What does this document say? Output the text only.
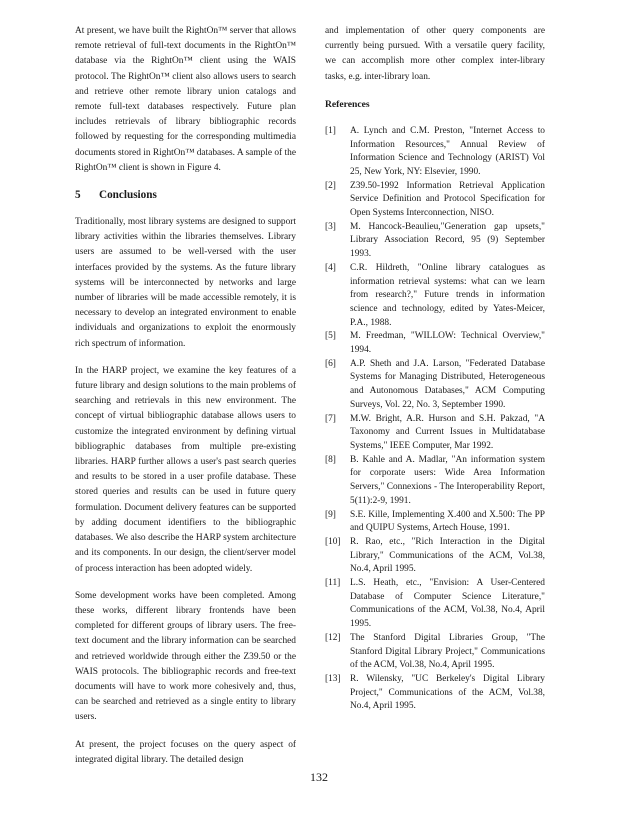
At present, we have built the RightOn™ server that allows remote retrieval of full-text documents in the RightOn™ database via the RightOn™ client using the WAIS protocol. The RightOn™ client also allows users to search and retrieve other remote library union catalogs and remote full-text databases respectively. Future plan includes retrievals of library bibliographic records followed by requesting for the corresponding multimedia documents stored in RightOn™ databases. A sample of the RightOn™ client is shown in Figure 4.

5 Conclusions

Traditionally, most library systems are designed to support library activities within the libraries themselves. Library users are assumed to be well-versed with the user interfaces provided by the systems. As the future library systems will be interconnected by networks and large number of libraries will be made accessible remotely, it is necessary to develop an integrated environment to enable individuals and organizations to exploit the enormously rich spectrum of information.

In the HARP project, we examine the key features of a future library and design solutions to the main problems of searching and retrievals in this new environment. The concept of virtual bibliographic database allows users to customize the integrated environment by defining virtual bibliographic databases from multiple pre-existing libraries. HARP further allows a user's past search queries and results to be stored in a user profile database. These stored queries and results can be used in future query formulation. Document delivery features can be supported by adding document identifiers to the bibliographic databases. We also describe the HARP system architecture and its components. In our design, the client/server model of process interaction has been adopted widely.

Some development works have been completed. Among these works, different library frontends have been completed for different groups of library users. The free-text document and the library information can be searched and retrieved worldwide through either the Z39.50 or the WAIS protocols. The bibliographic records and free-text documents will have to work more cohesively and, thus, can be searched and retrieved as a single entity to library users.

At present, the project focuses on the query aspect of integrated digital library. The detailed design

and implementation of other query components are currently being pursued. With a versatile query facility, we can accomplish more other complex inter-library tasks, e.g. inter-library loan.

References
[1] A. Lynch and C.M. Preston, "Internet Access to Information Resources," Annual Review of Information Science and Technology (ARIST) Vol 25, New York, NY: Elsevier, 1990.
[2] Z39.50-1992 Information Retrieval Application Service Definition and Protocol Specification for Open Systems Interconnection, NISO.
[3] M. Hancock-Beaulieu,"Generation gap upsets," Library Association Record, 95 (9) September 1993.
[4] C.R. Hildreth, "Online library catalogues as information retrieval systems: what can we learn from research?," Future trends in information science and technology, edited by Yates-Meicer, P.A., 1988.
[5] M. Freedman, "WILLOW: Technical Overview," 1994.
[6] A.P. Sheth and J.A. Larson, "Federated Database Systems for Managing Distributed, Heterogeneous and Autonomous Databases," ACM Computing Surveys, Vol. 22, No. 3, September 1990.
[7] M.W. Bright, A.R. Hurson and S.H. Pakzad, "A Taxonomy and Current Issues in Multidatabase Systems," IEEE Computer, Mar 1992.
[8] B. Kahle and A. Madlar, "An information system for corporate users: Wide Area Information Servers," Connexions - The Interoperability Report, 5(11):2-9, 1991.
[9] S.E. Kille, Implementing X.400 and X.500: The PP and QUIPU Systems, Artech House, 1991.
[10] R. Rao, etc., "Rich Interaction in the Digital Library," Communications of the ACM, Vol.38, No.4, April 1995.
[11] L.S. Heath, etc., "Envision: A User-Centered Database of Computer Science Literature," Communications of the ACM, Vol.38, No.4, April 1995.
[12] The Stanford Digital Libraries Group, "The Stanford Digital Library Project," Communications of the ACM, Vol.38, No.4, April 1995.
[13] R. Wilensky, "UC Berkeley's Digital Library Project," Communications of the ACM, Vol.38, No.4, April 1995.
132
